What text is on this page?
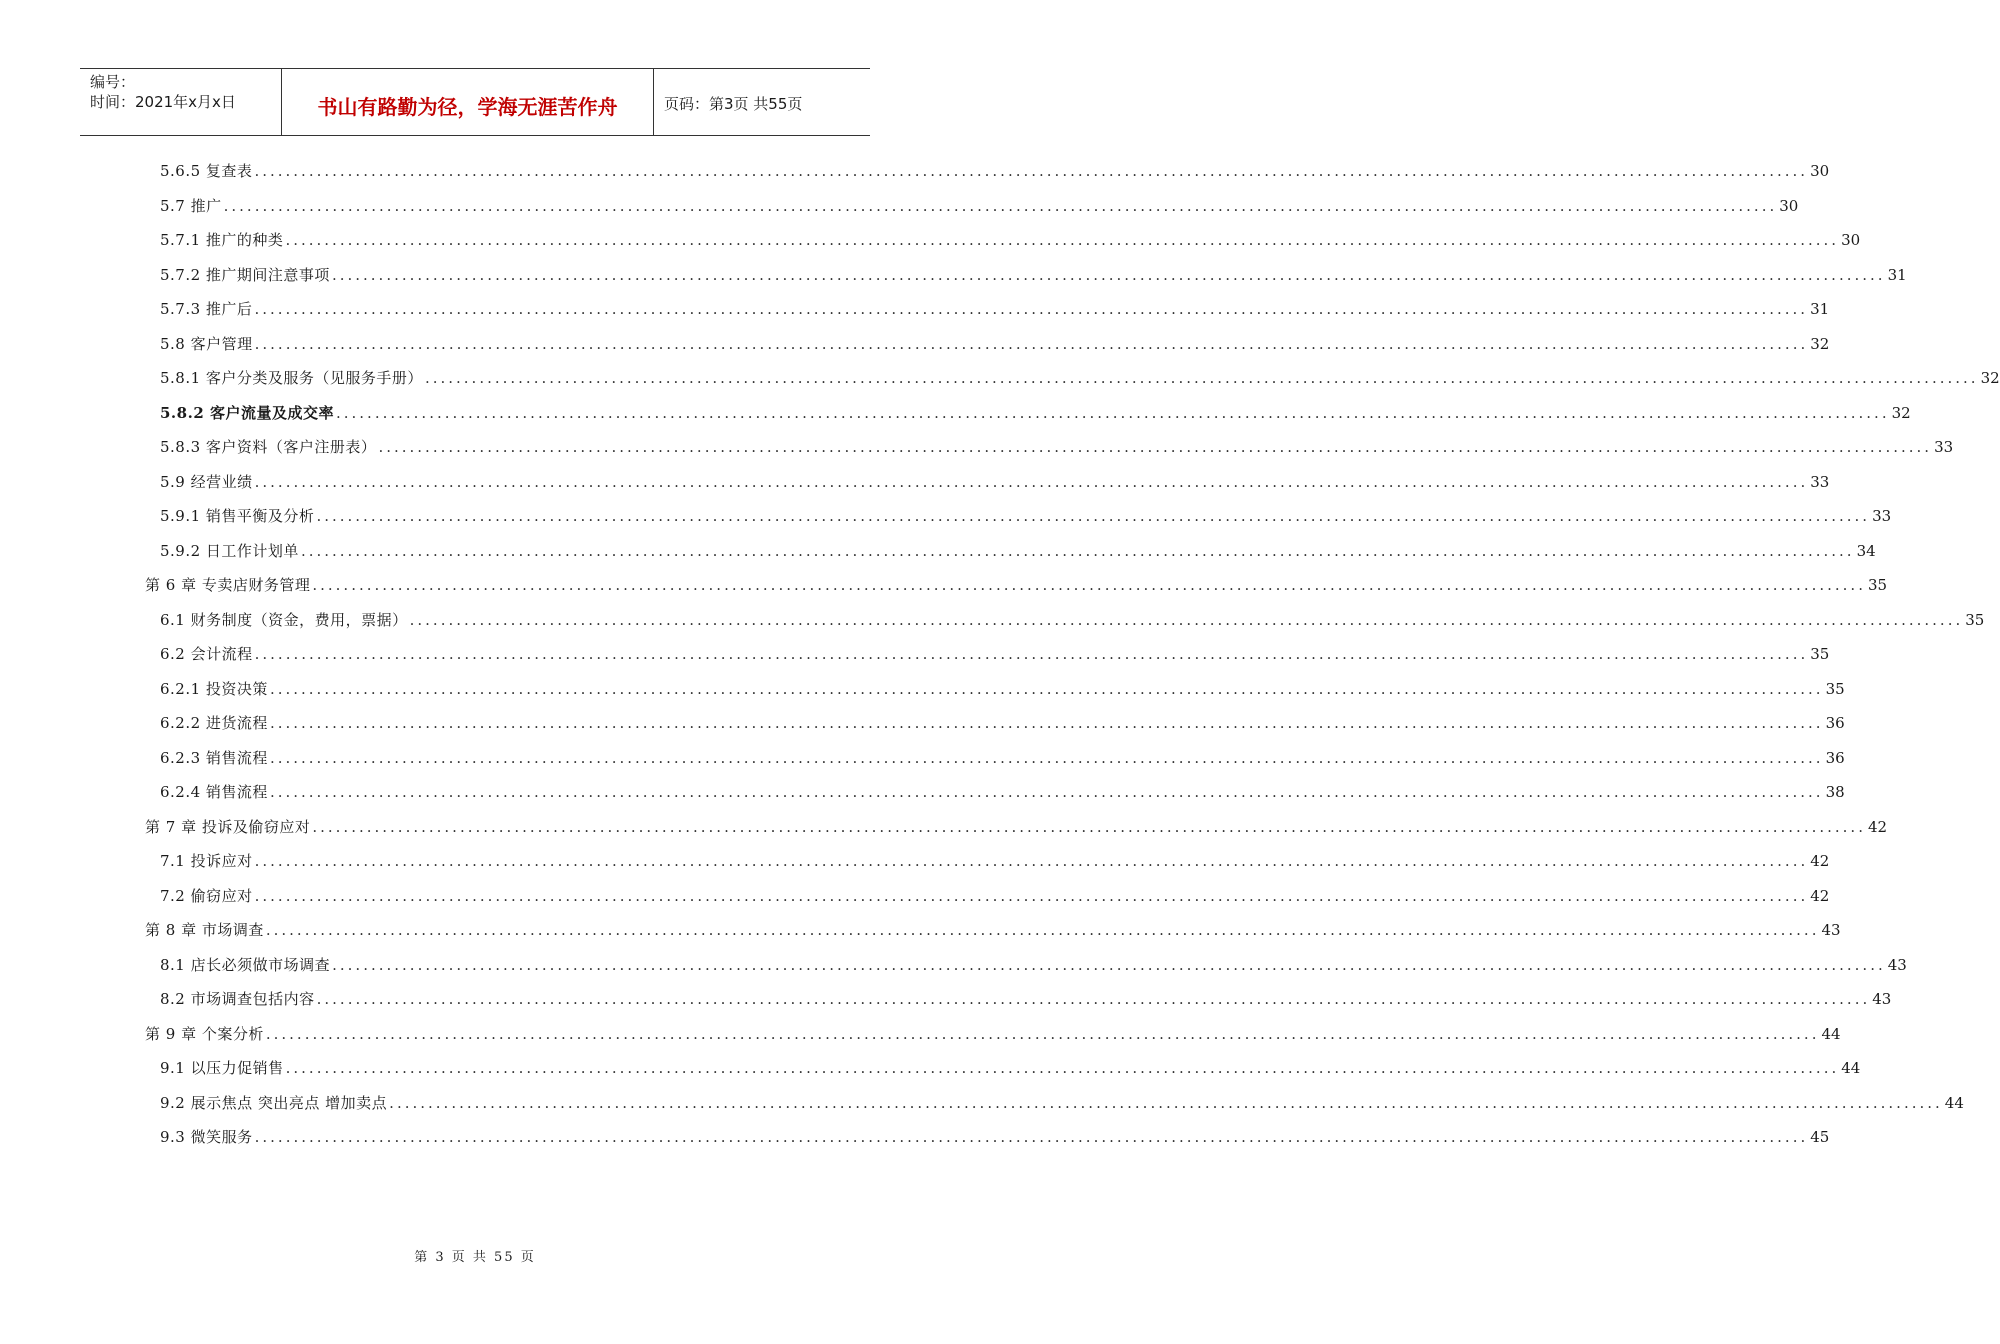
编号：
时间：2021年x月x日	书山有路勤为径，学海无涯苦作舟	页码：第3页 共55页
5.6.5 复查表 ........................................................................................................................................................................................................ 30
5.7 推广 ........................................................................................................................................................................................................ 30
5.7.1 推广的种类 ........................................................................................................................................................................................................ 30
5.7.2 推广期间注意事项 ........................................................................................................................................................................................................ 31
5.7.3 推广后 ........................................................................................................................................................................................................ 31
5.8 客户管理 ........................................................................................................................................................................................................ 32
5.8.1 客户分类及服务（见服务手册） ........................................................................................................................................................................................................ 32
5.8.2 客户流量及成交率 ........................................................................................................................................................................................................ 32
5.8.3 客户资料（客户注册表） ........................................................................................................................................................................................................ 33
5.9 经营业绩 ........................................................................................................................................................................................................ 33
5.9.1 销售平衡及分析 ........................................................................................................................................................................................................ 33
5.9.2 日工作计划单 ........................................................................................................................................................................................................ 34
第 6 章 专卖店财务管理 ........................................................................................................................................................................................................ 35
6.1 财务制度（资金，费用，票据） ........................................................................................................................................................................................................ 35
6.2 会计流程 ........................................................................................................................................................................................................ 35
6.2.1 投资决策 ........................................................................................................................................................................................................ 35
6.2.2 进货流程 ........................................................................................................................................................................................................ 36
6.2.3 销售流程 ........................................................................................................................................................................................................ 36
6.2.4 销售流程 ........................................................................................................................................................................................................ 38
第 7 章 投诉及偷窃应对 ........................................................................................................................................................................................................ 42
7.1 投诉应对 ........................................................................................................................................................................................................ 42
7.2 偷窃应对 ........................................................................................................................................................................................................ 42
第 8 章 市场调查 ........................................................................................................................................................................................................ 43
8.1 店长必须做市场调查 ........................................................................................................................................................................................................ 43
8.2 市场调查包括内容 ........................................................................................................................................................................................................ 43
第 9 章 个案分析 ........................................................................................................................................................................................................ 44
9.1 以压力促销售 ........................................................................................................................................................................................................ 44
9.2 展示焦点 突出亮点 增加卖点 ........................................................................................................................................................................................................ 44
9.3 微笑服务 ........................................................................................................................................................................................................ 45
第 3 页 共 55 页
